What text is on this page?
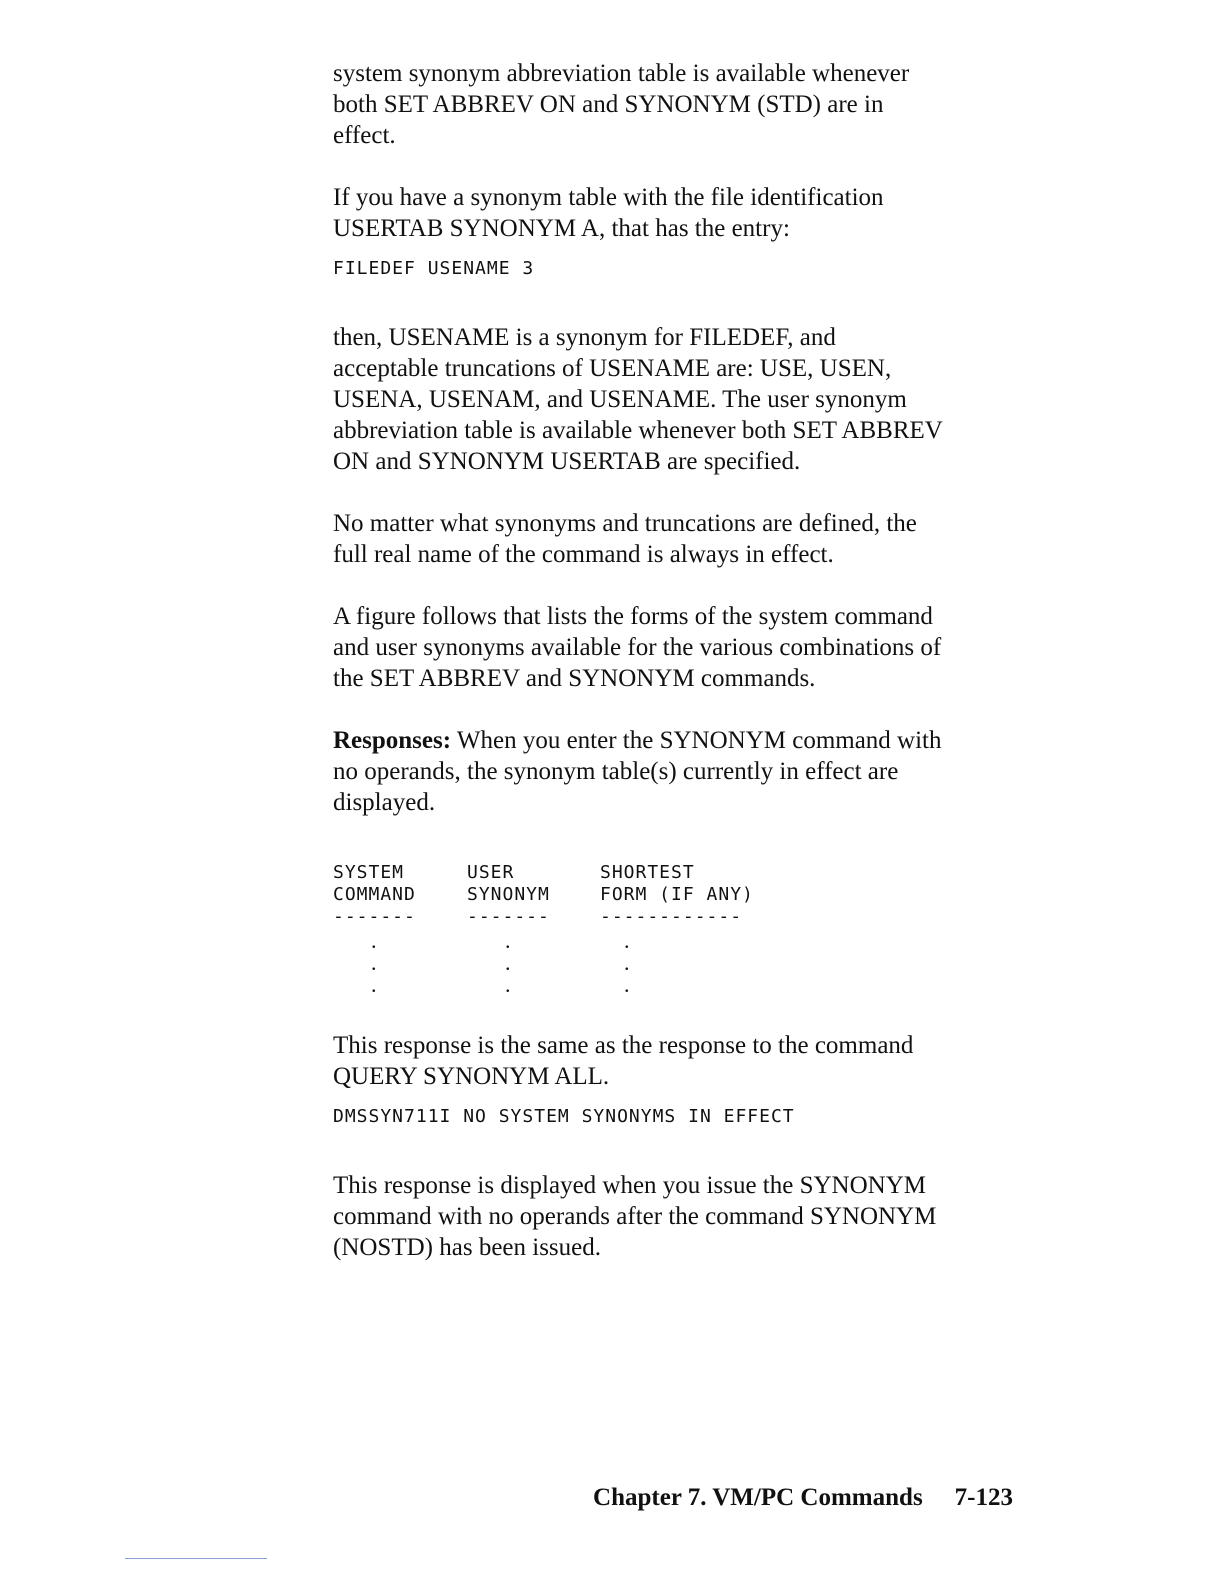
system synonym abbreviation table is available whenever
both SET ABBREV ON and SYNONYM (STD) are in
effect.

If you have a synonym table with the file identification
USERTAB SYNONYM A, that has the entry:

FILEDEF USENAME 3

then, USENAME is a synonym for FILEDEF, and
acceptable truncations of USENAME are: USE, USEN,
USENA, USENAM, and USENAME. The user synonym
abbreviation table is available whenever both SET ABBREV
ON and SYNONYM USERTAB are specified.

No matter what synonyms and truncations are defined, the
full real name of the command is always in effect.

A figure follows that lists the forms of the system command
and user synonyms available for the various combinations of
the SET ABBREV and SYNONYM commands.

Responses: When you enter the SYNONYM command with
no operands, the synonym table(s) currently in effect are
displayed.

SYSTEM	USER	SHORTEST
COMMAND	SYNONYM	FORM (IF ANY)
-------	-------	------------
.	.	.
.	.	.
.	.	.

This response is the same as the response to the command
QUERY SYNONYM ALL.

DMSSYN711I NO SYSTEM SYNONYMS IN EFFECT

This response is displayed when you issue the SYNONYM
command with no operands after the command SYNONYM
(NOSTD) has been issued.

Chapter 7. VM/PC Commands 7-123
